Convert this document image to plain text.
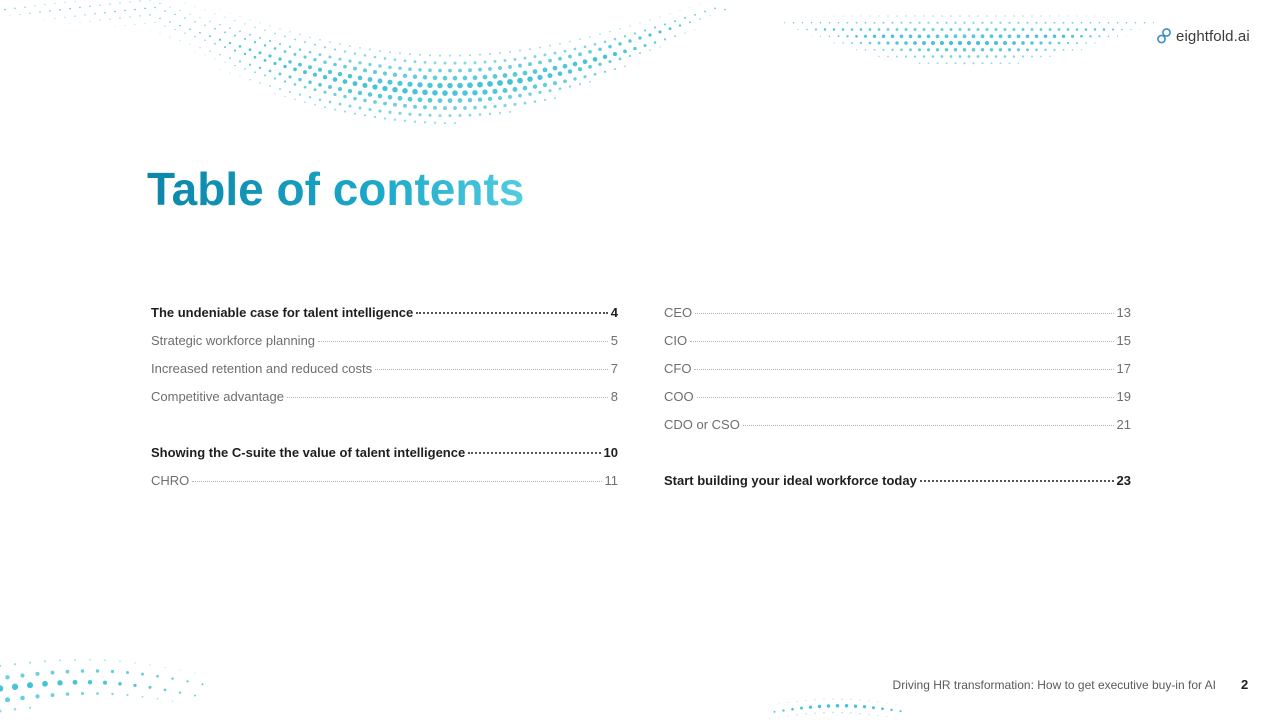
eightfold.ai
Table of contents
The undeniable case for talent intelligence	4
Strategic workforce planning	5
Increased retention and reduced costs	7
Competitive advantage	8
Showing the C-suite the value of talent intelligence	10
CHRO	11
CEO	13
CIO	15
CFO	17
COO	19
CDO or CSO	21
Start building your ideal workforce today	23
Driving HR transformation: How to get executive buy-in for AI 2
